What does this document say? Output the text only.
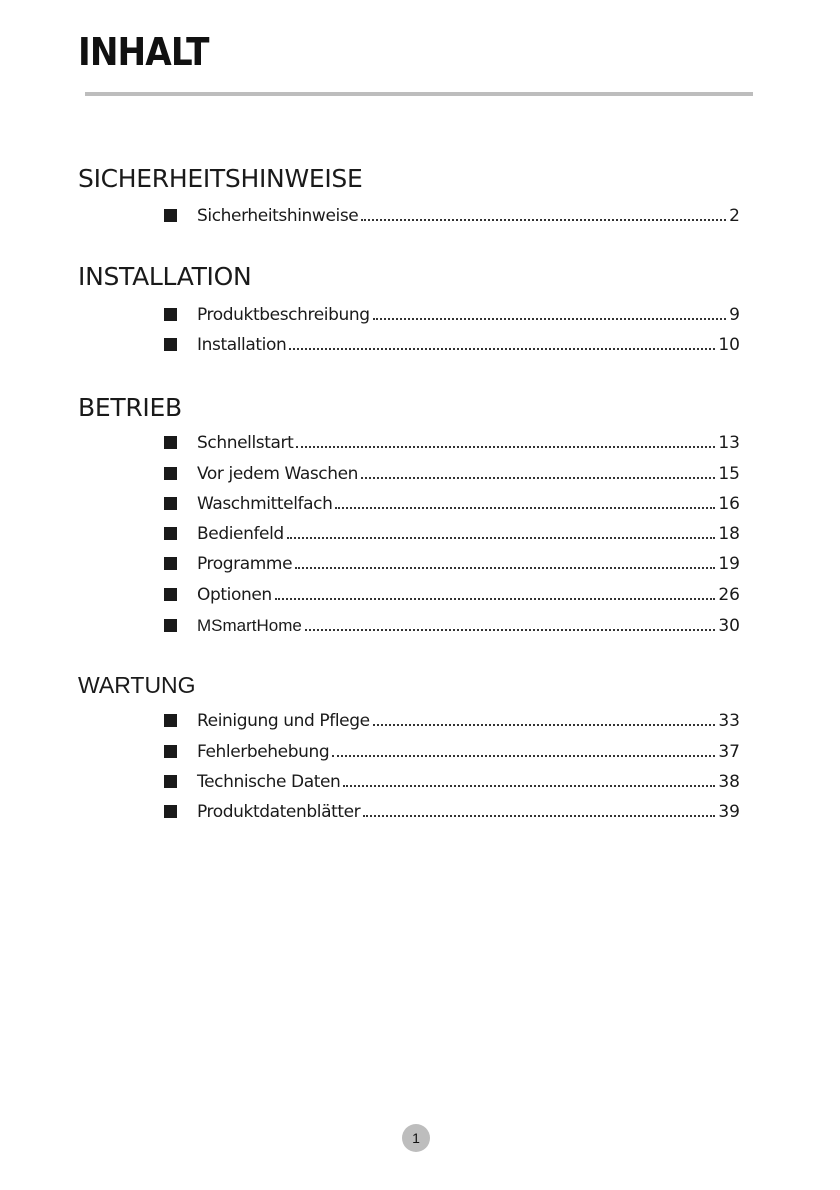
INHALT
SICHERHEITSHINWEISE
Sicherheitshinweise	2
INSTALLATION
Produktbeschreibung	9
Installation	10
BETRIEB
Schnellstart	13
Vor jedem Waschen	15
Waschmittelfach	16
Bedienfeld	18
Programme	19
Optionen	26
MSmartHome	30
WARTUNG
Reinigung und Pflege	33
Fehlerbehebung	37
Technische Daten	38
Produktdatenblätter	39
1
